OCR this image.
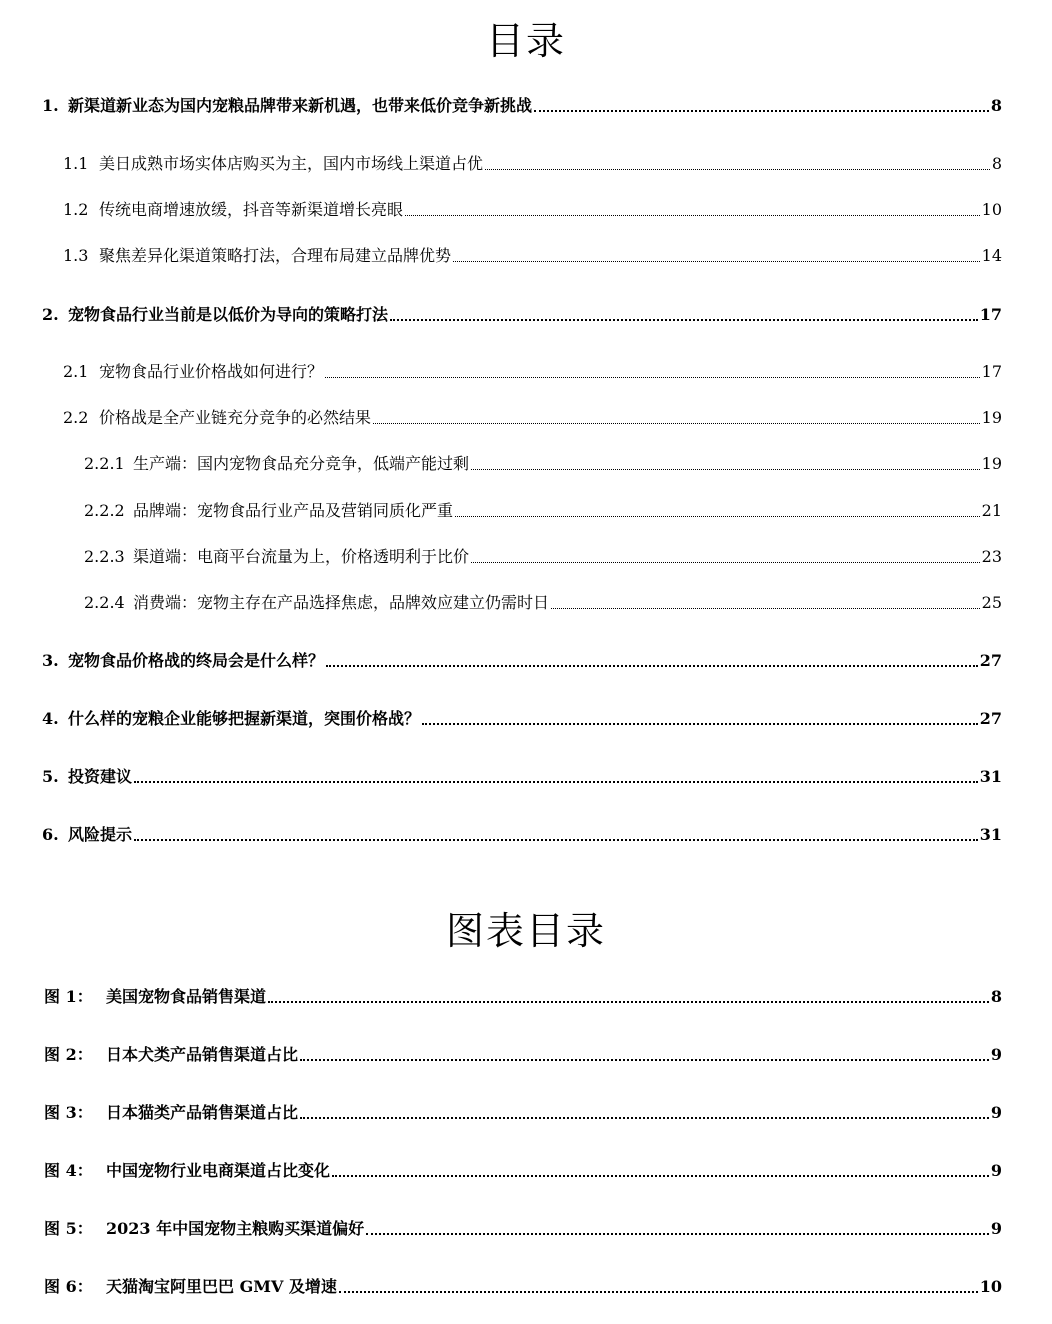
目录
1. 新渠道新业态为国内宠粮品牌带来新机遇，也带来低价竞争新挑战	8
1.1 美日成熟市场实体店购买为主，国内市场线上渠道占优	8
1.2 传统电商增速放缓，抖音等新渠道增长亮眼	10
1.3 聚焦差异化渠道策略打法，合理布局建立品牌优势	14
2. 宠物食品行业当前是以低价为导向的策略打法	17
2.1 宠物食品行业价格战如何进行？	17
2.2 价格战是全产业链充分竞争的必然结果	19
2.2.1 生产端：国内宠物食品充分竞争，低端产能过剩	19
2.2.2 品牌端：宠物食品行业产品及营销同质化严重	21
2.2.3 渠道端：电商平台流量为上，价格透明利于比价	23
2.2.4 消费端：宠物主存在产品选择焦虑，品牌效应建立仍需时日	25
3. 宠物食品价格战的终局会是什么样？	27
4. 什么样的宠粮企业能够把握新渠道，突围价格战？	27
5. 投资建议	31
6. 风险提示	31
图表目录
图 1： 美国宠物食品销售渠道	8
图 2： 日本犬类产品销售渠道占比	9
图 3： 日本猫类产品销售渠道占比	9
图 4： 中国宠物行业电商渠道占比变化	9
图 5： 2023 年中国宠物主粮购买渠道偏好	9
图 6： 天猫淘宝阿里巴巴 GMV 及增速	10
